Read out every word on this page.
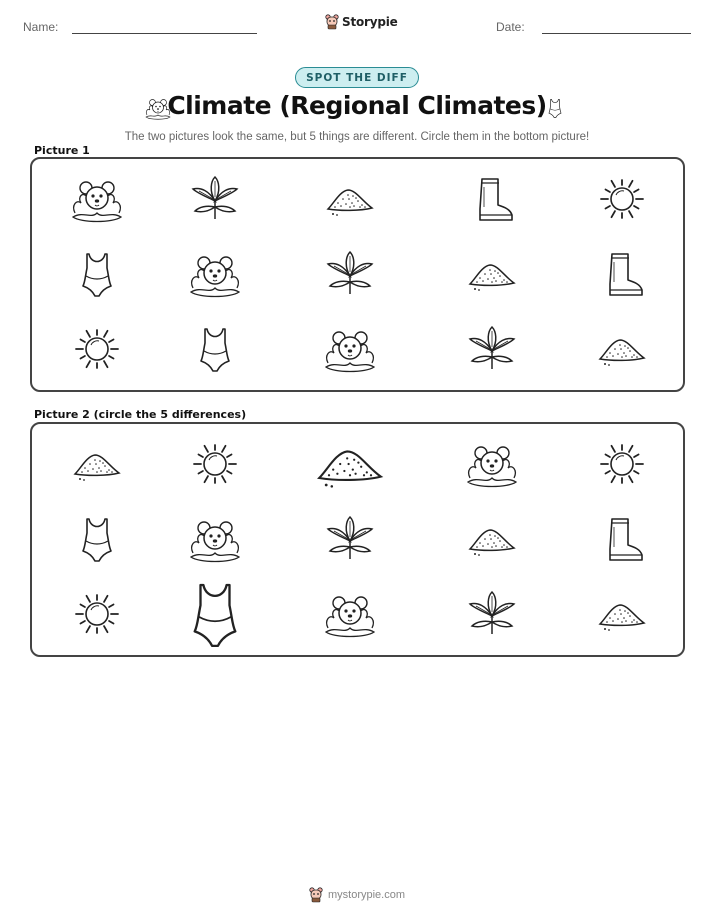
Name:	Storypie	Date:
SPOT THE DIFF
Climate (Regional Climates)
The two pictures look the same, but 5 things are different. Circle them in the bottom picture!
Picture 1
Picture 2 (circle the 5 differences)
mystorypie.com
